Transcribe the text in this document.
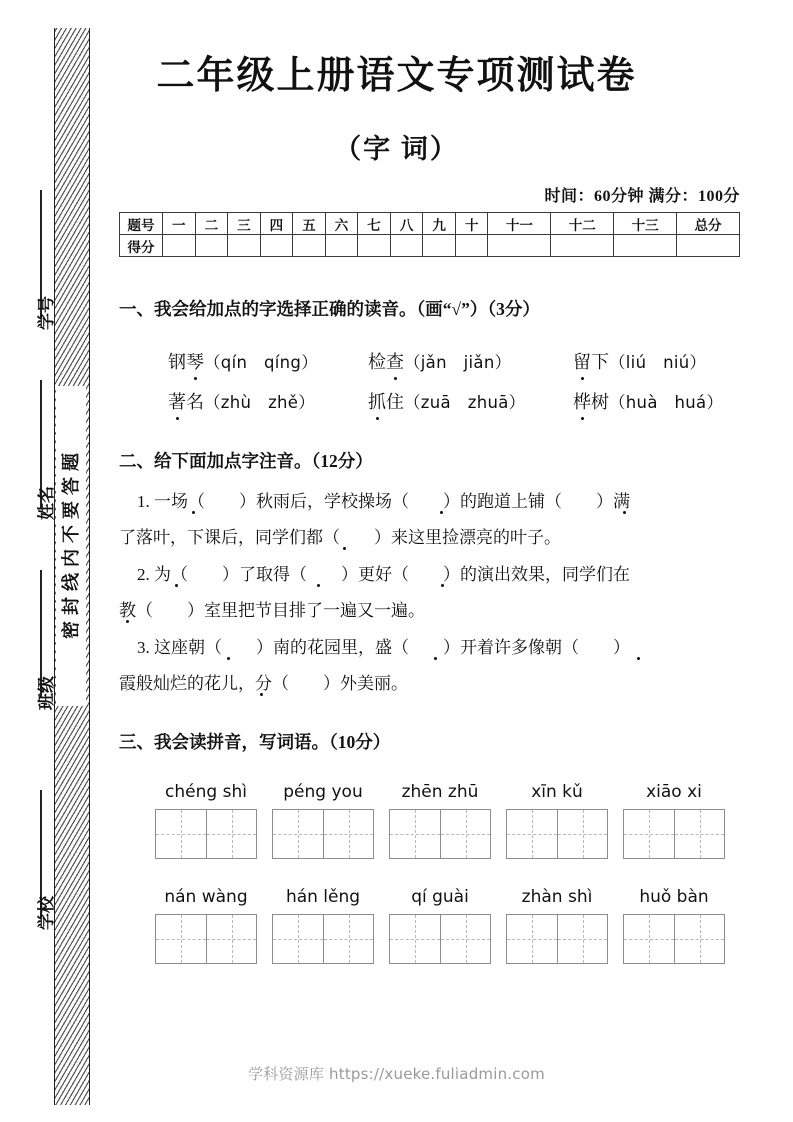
题
答
要
不
内
线
封
密
学号
姓名
班级
学校
二年级上册语文专项测试卷
（字 词）
时间：60分钟 满分：100分
题号	一	二	三	四	五	六	七	八	九	十	十一	十二	十三	总分
得分														
一、我会给加点的字选择正确的读音。（画“√”）（3分）
钢 琴 （qín　qíng）	检 查 （jǎn　jiǎn）	留 下 （liú　niú）
著 名 （zhù　zhě）	抓 住 （zuā　zhuā）	桦 树 （huà　huá）
二、给下面加点字注音。（12分）
1. 一场（　　）秋雨后，学校操场（　　）的跑道上铺（　　）满
了落叶，下课后，同学们都（　　）来这里捡漂亮的叶子。
2. 为（　　）了取得（　　）更好（　　）的演出效果，同学们在
教（　　）室里把节目排了一遍又一遍。
3. 这座朝（　　）南的花园里，盛（　　）开着许多像朝（　　）
霞般灿烂的花儿，分（　　）外美丽。
三、我会读拼音，写词语。（10分）
chéng shì	péng you	zhēn zhū	xīn kǔ	xiāo xi
nán wàng	hán lěng	qí guài	zhàn shì	huǒ bàn
学科资源库 https://xueke.fuliadmin.com
